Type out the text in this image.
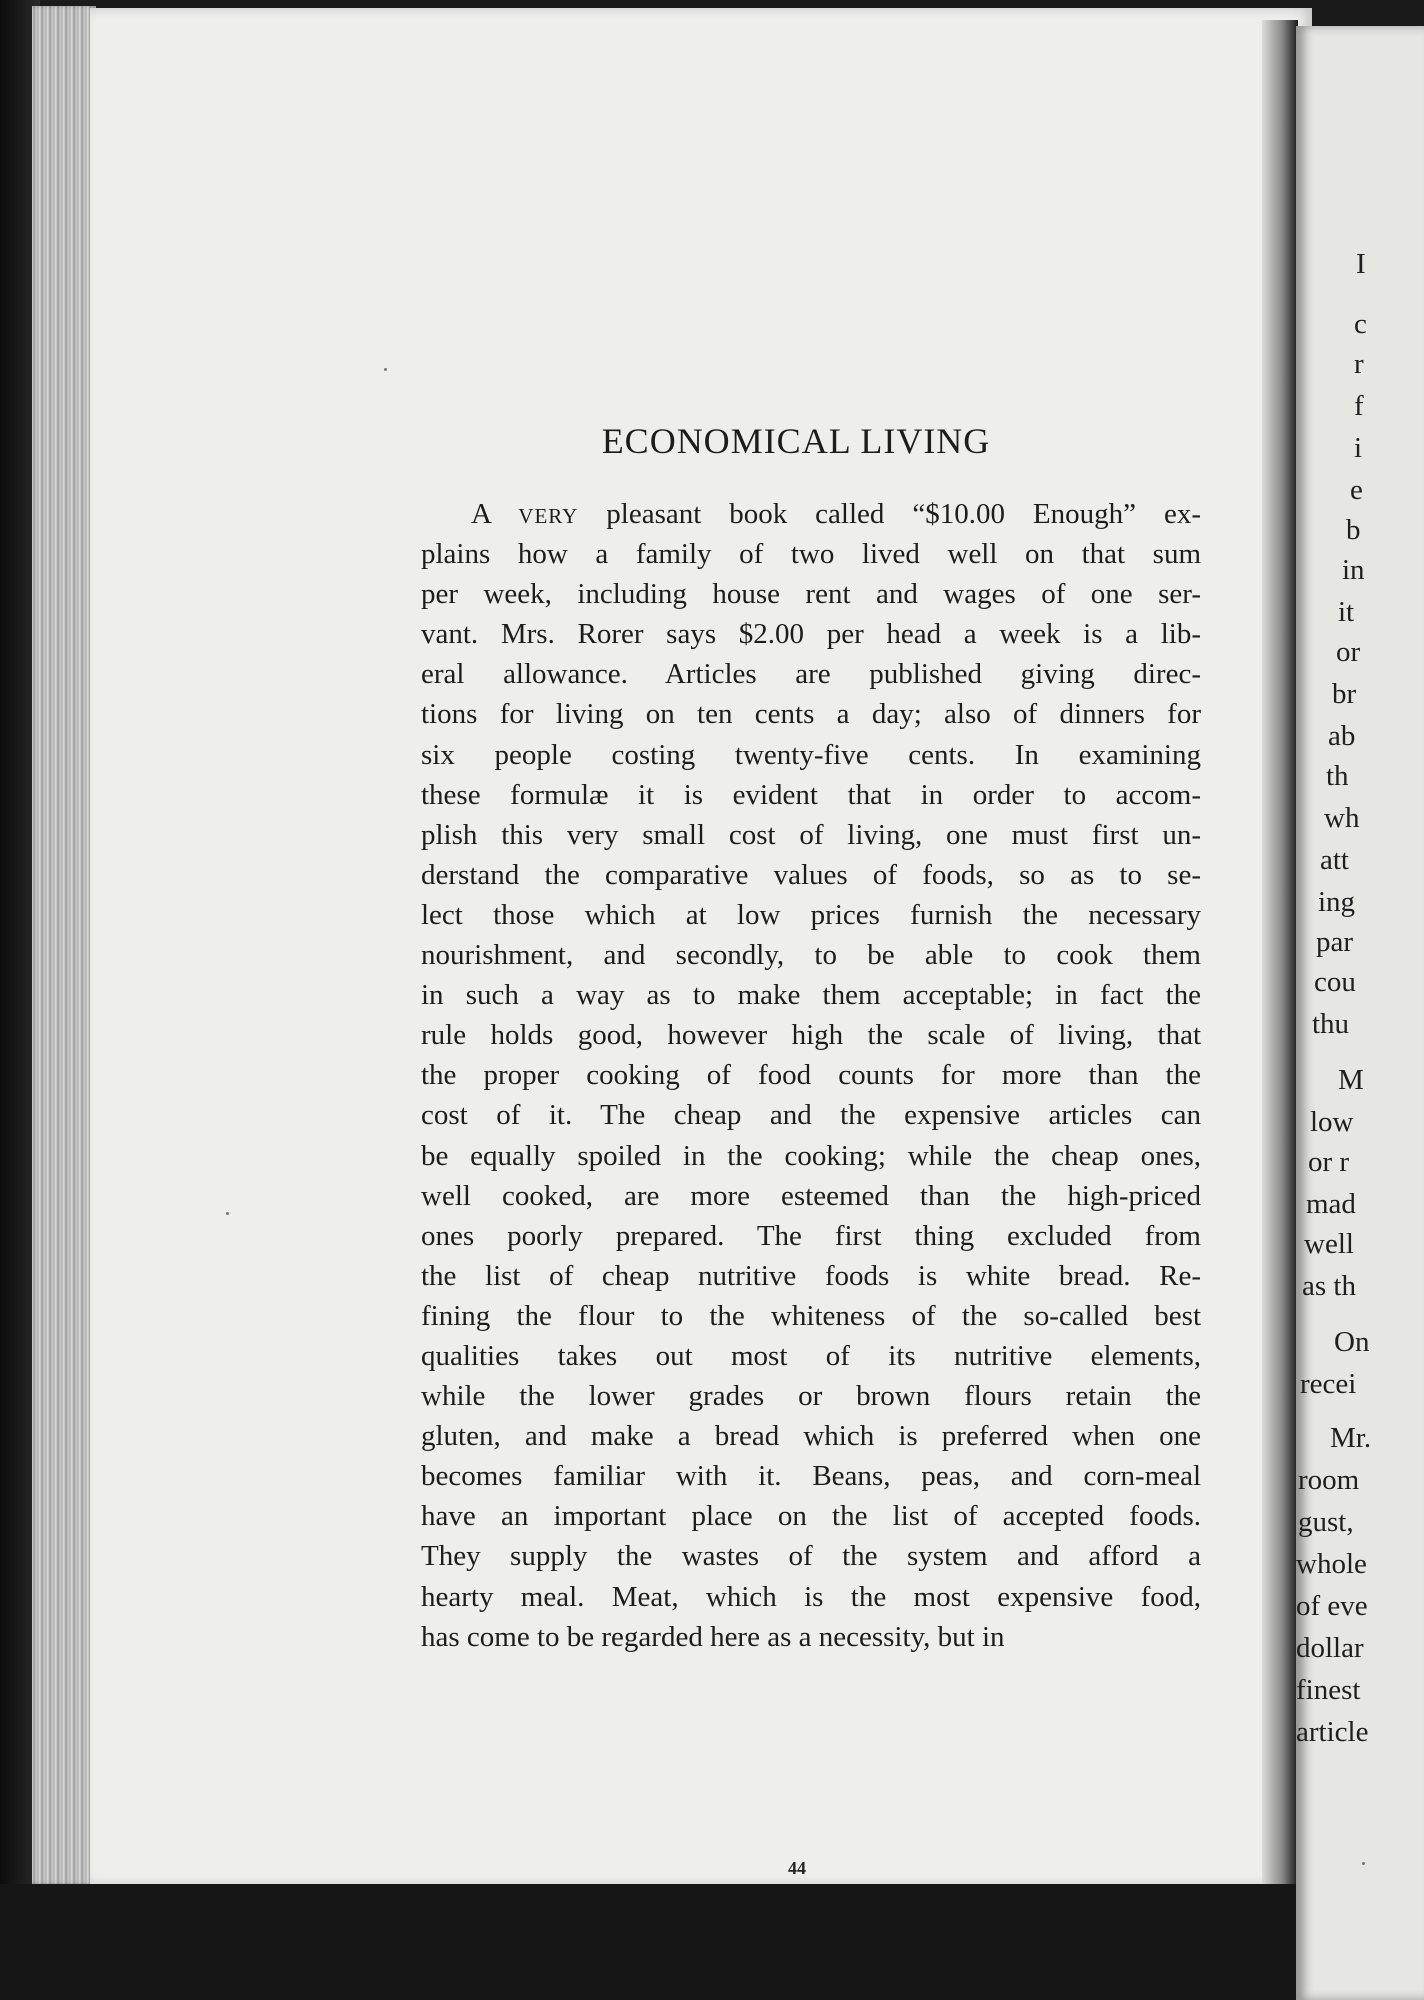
I
c
r
f
i
e
b
in
it
or
br
ab
th
wh
att
ing
par
cou
thu
M
low
or r
mad
well
as th
On
recei
Mr.
room
gust,
whole
of eve
dollar
finest
article
ECONOMICAL LIVING
A VERY pleasant book called “$10.00 Enough” ex-
plains how a family of two lived well on that sum
per week, including house rent and wages of one ser-
vant. Mrs. Rorer says $2.00 per head a week is a lib-
eral allowance. Articles are published giving direc-
tions for living on ten cents a day; also of dinners for
six people costing twenty-five cents. In examining
these formulæ it is evident that in order to accom-
plish this very small cost of living, one must first un-
derstand the comparative values of foods, so as to se-
lect those which at low prices furnish the necessary
nourishment, and secondly, to be able to cook them
in such a way as to make them acceptable; in fact the
rule holds good, however high the scale of living, that
the proper cooking of food counts for more than the
cost of it. The cheap and the expensive articles can
be equally spoiled in the cooking; while the cheap ones,
well cooked, are more esteemed than the high-priced
ones poorly prepared. The first thing excluded from
the list of cheap nutritive foods is white bread. Re-
fining the flour to the whiteness of the so-called best
qualities takes out most of its nutritive elements,
while the lower grades or brown flours retain the
gluten, and make a bread which is preferred when one
becomes familiar with it. Beans, peas, and corn-meal
have an important place on the list of accepted foods.
They supply the wastes of the system and afford a
hearty meal. Meat, which is the most expensive food,
has come to be regarded here as a necessity, but in
44
